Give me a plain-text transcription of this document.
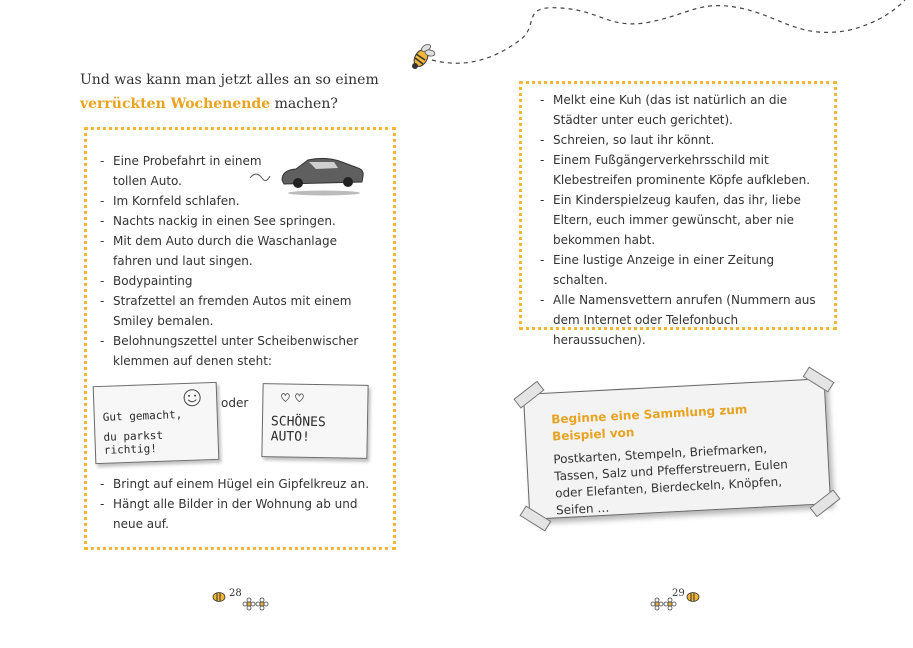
Und was kann man jetzt alles an so einem verrückten Wochenende machen?
- Eine Probefahrt in einem tollen Auto.
- Im Kornfeld schlafen.
- Nachts nackig in einen See springen.
- Mit dem Auto durch die Waschanlage fahren und laut singen.
- Bodypainting
- Strafzettel an fremden Autos mit einem Smiley bemalen.
- Belohnungszettel unter Scheibenwischer klemmen auf denen steht:
Gut gemacht,
du parkst richtig!
oder
SCHÖNES AUTO!
- Bringt auf einem Hügel ein Gipfelkreuz an.
- Hängt alle Bilder in der Wohnung ab und neue auf.
28
- Melkt eine Kuh (das ist natürlich an die Städter unter euch gerichtet).
- Schreien, so laut ihr könnt.
- Einem Fußgängerverkehrsschild mit Klebestreifen prominente Köpfe aufkleben.
- Ein Kinderspielzeug kaufen, das ihr, liebe Eltern, euch immer gewünscht, aber nie bekommen habt.
- Eine lustige Anzeige in einer Zeitung schalten.
- Alle Namensvettern anrufen (Nummern aus dem Internet oder Telefonbuch heraussuchen).
Beginne eine Sammlung zum Beispiel von
Postkarten, Stempeln, Briefmarken, Tassen, Salz und Pfefferstreuern, Eulen oder Elefanten, Bierdeckeln, Knöpfen, Seifen …
29
